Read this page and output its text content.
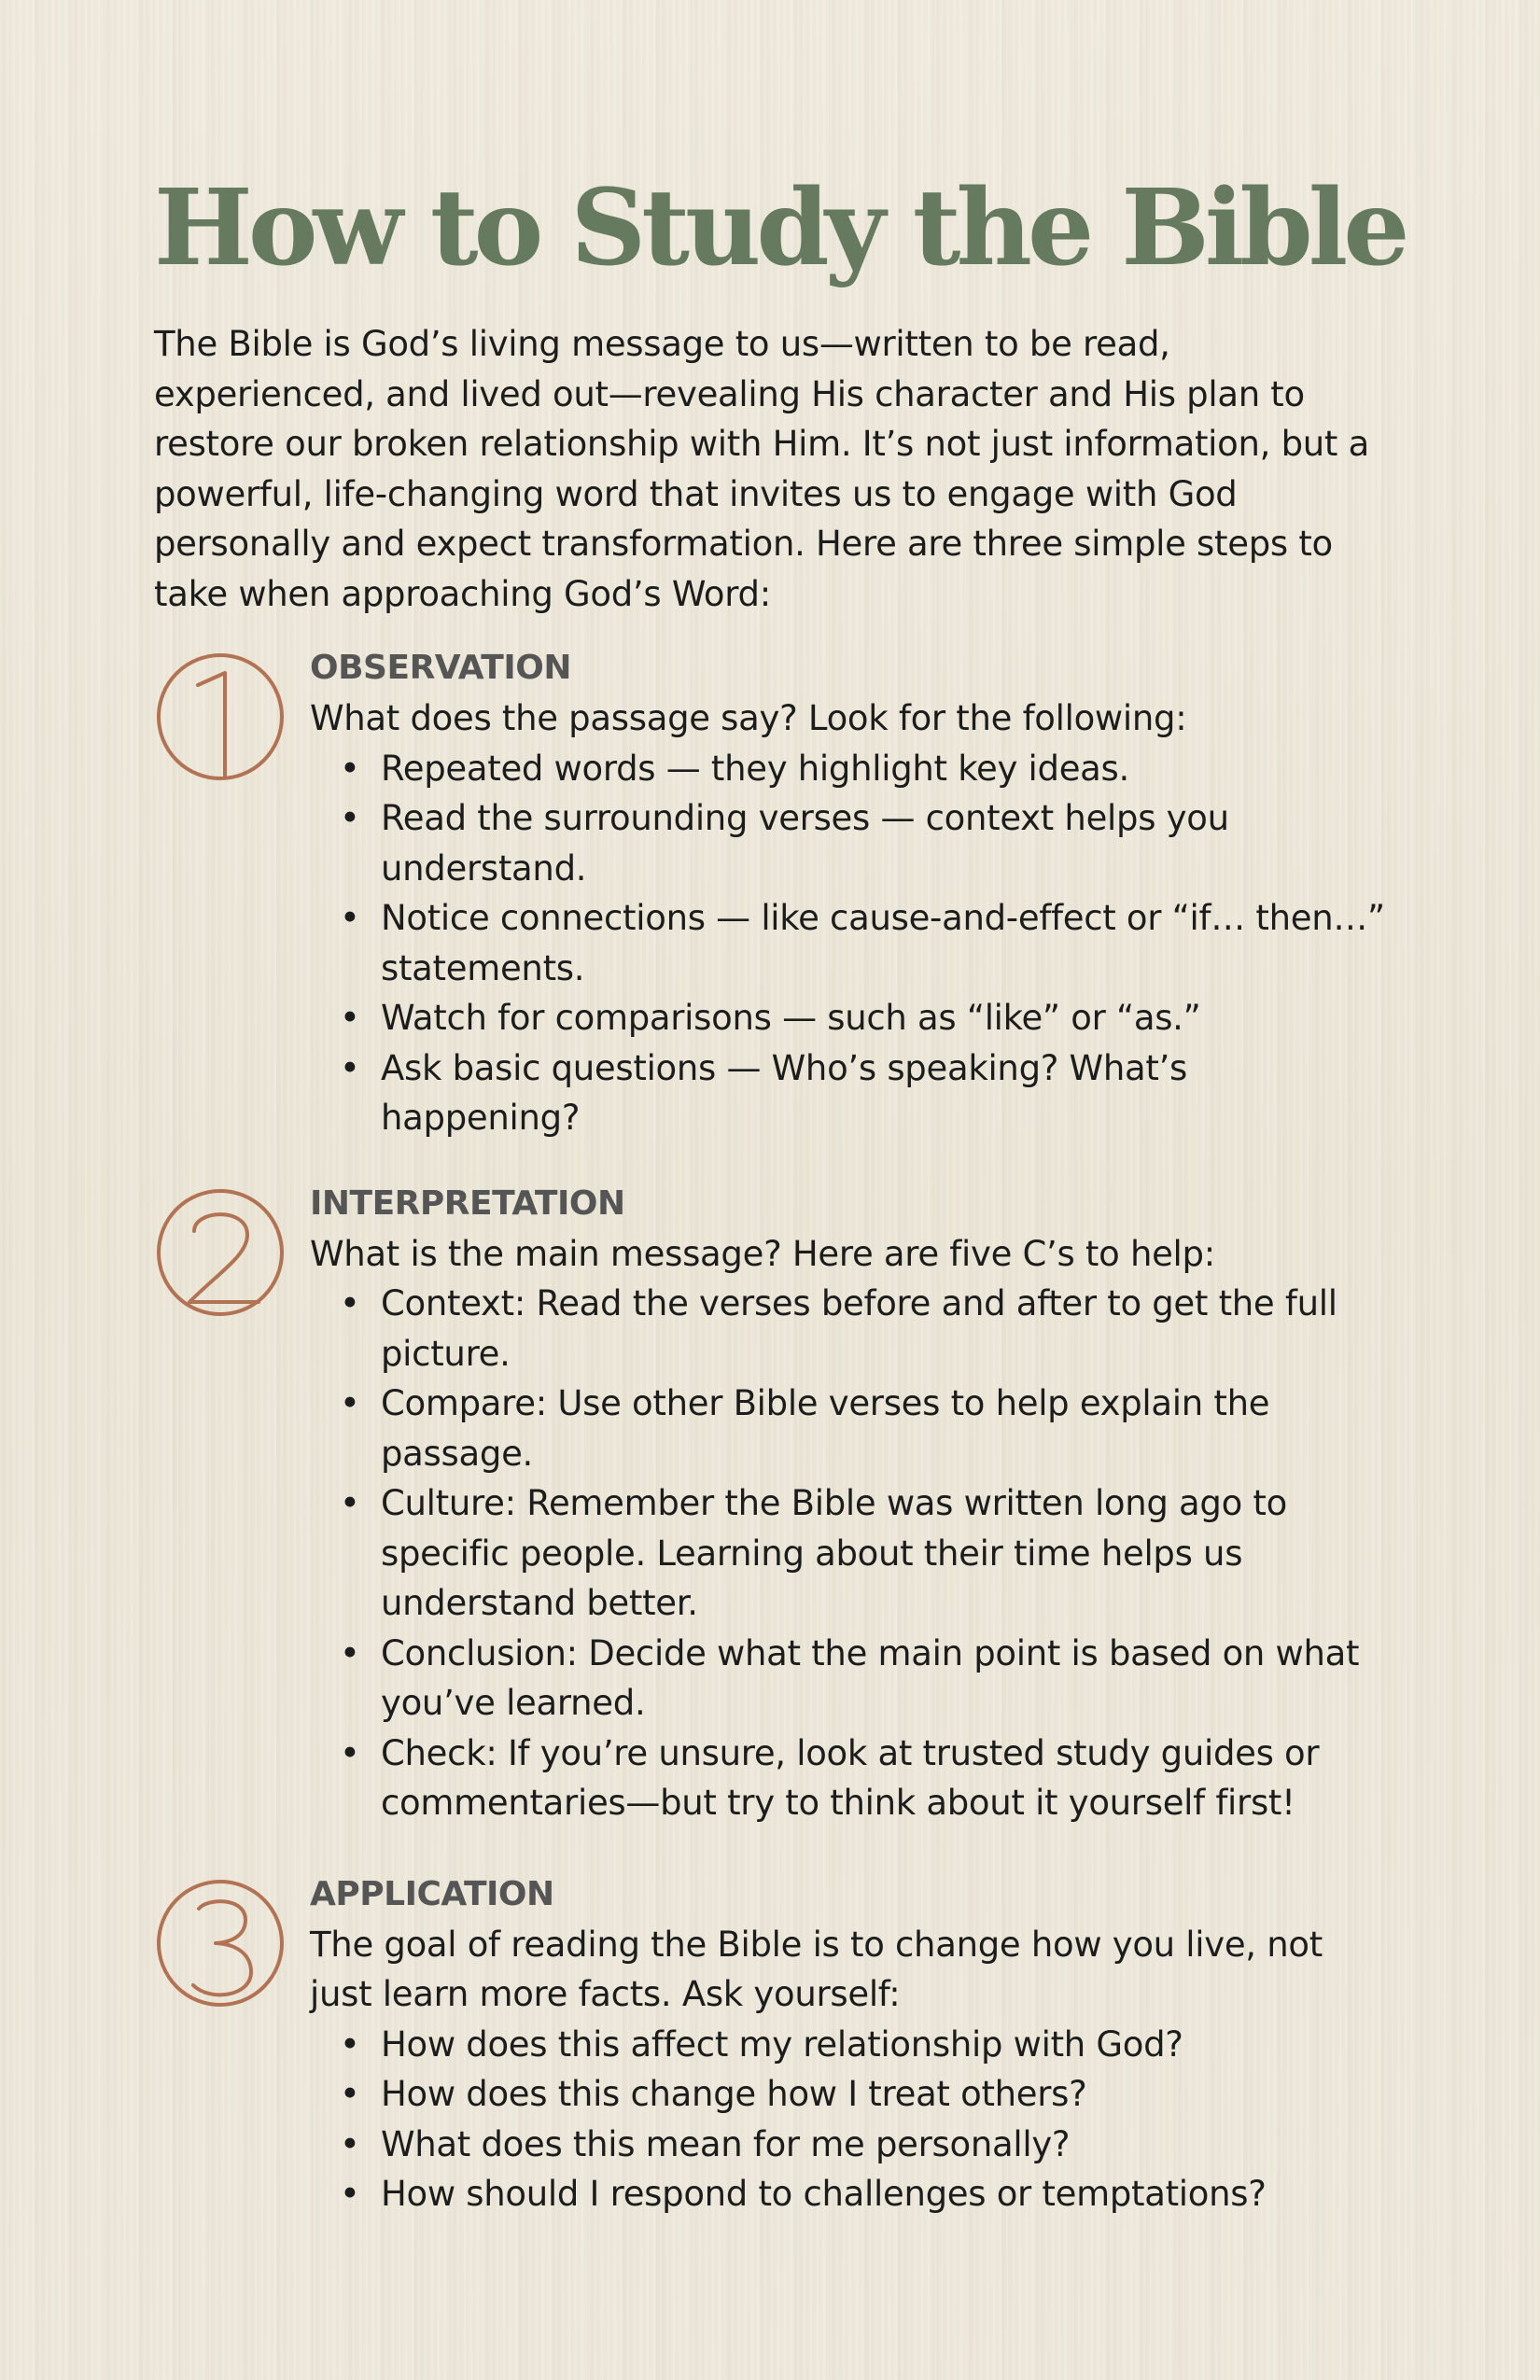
How to Study the Bible

The Bible is God’s living message to us—written to be read, experienced, and lived out—revealing His character and His plan to restore our broken relationship with Him. It’s not just information, but a powerful, life-changing word that invites us to engage with God personally and expect transformation. Here are three simple steps to take when approaching God’s Word:

OBSERVATION

What does the passage say? Look for the following:

• Repeated words — they highlight key ideas.
• Read the surrounding verses — context helps you understand.
• Notice connections — like cause-and-effect or “if… then…” statements.
• Watch for comparisons — such as “like” or “as.”
• Ask basic questions — Who’s speaking? What’s happening?
INTERPRETATION

What is the main message? Here are five C’s to help:

• Context: Read the verses before and after to get the full picture.
• Compare: Use other Bible verses to help explain the passage.
• Culture: Remember the Bible was written long ago to specific people. Learning about their time helps us understand better.
• Conclusion: Decide what the main point is based on what you’ve learned.
• Check: If you’re unsure, look at trusted study guides or commentaries—but try to think about it yourself first!
APPLICATION

The goal of reading the Bible is to change how you live, not just learn more facts. Ask yourself:

• How does this affect my relationship with God?
• How does this change how I treat others?
• What does this mean for me personally?
• How should I respond to challenges or temptations?
